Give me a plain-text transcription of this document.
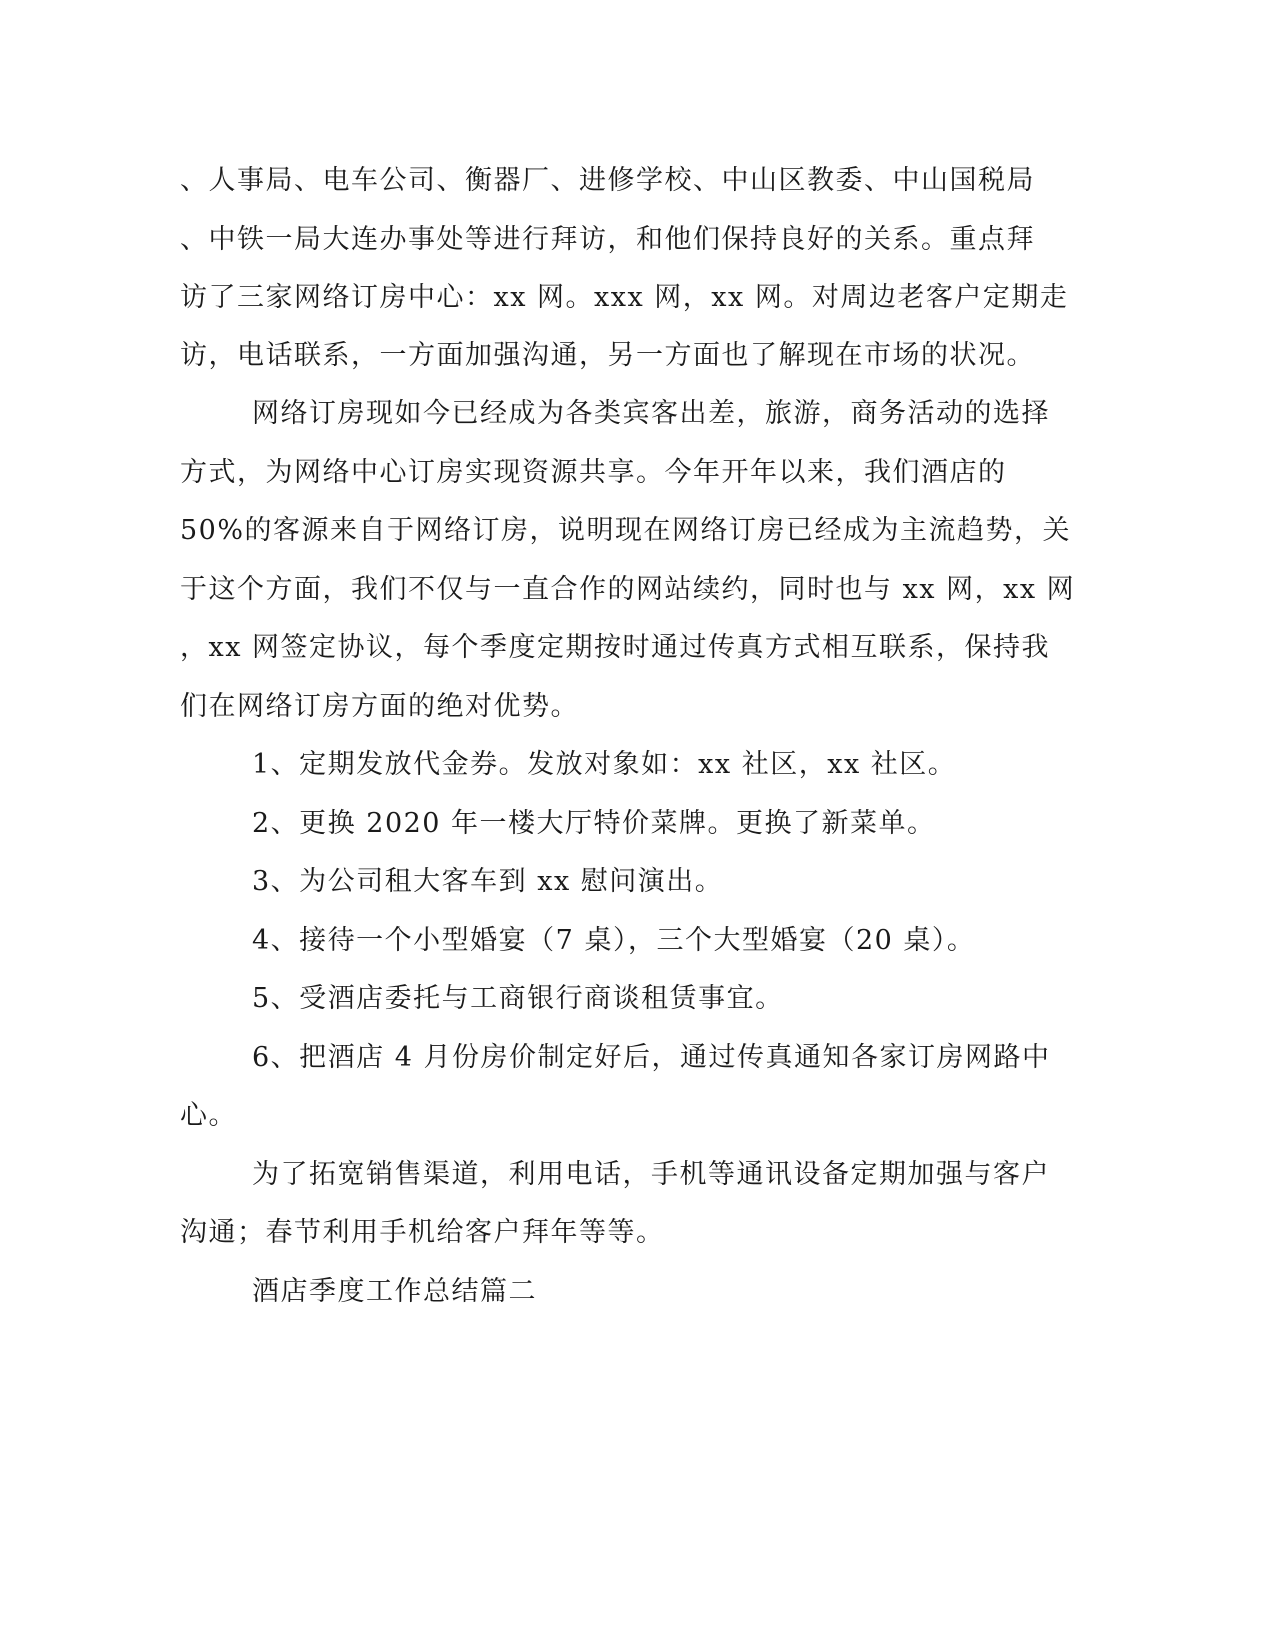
、人事局、电车公司、衡器厂、进修学校、中山区教委、中山国税局
、中铁一局大连办事处等进行拜访，和他们保持良好的关系。重点拜
访了三家网络订房中心：xx 网。xxx 网，xx 网。对周边老客户定期走
访，电话联系，一方面加强沟通，另一方面也了解现在市场的状况。
网络订房现如今已经成为各类宾客出差，旅游，商务活动的选择
方式，为网络中心订房实现资源共享。今年开年以来，我们酒店的
50%的客源来自于网络订房，说明现在网络订房已经成为主流趋势，关
于这个方面，我们不仅与一直合作的网站续约，同时也与 xx 网，xx 网
，xx 网签定协议，每个季度定期按时通过传真方式相互联系，保持我
们在网络订房方面的绝对优势。
1、定期发放代金券。发放对象如：xx 社区，xx 社区。
2、更换 2020 年一楼大厅特价菜牌。更换了新菜单。
3、为公司租大客车到 xx 慰问演出。
4、接待一个小型婚宴（7 桌），三个大型婚宴（20 桌）。
5、受酒店委托与工商银行商谈租赁事宜。
6、把酒店 4 月份房价制定好后，通过传真通知各家订房网路中
心。
为了拓宽销售渠道，利用电话，手机等通讯设备定期加强与客户
沟通；春节利用手机给客户拜年等等。
酒店季度工作总结篇二
